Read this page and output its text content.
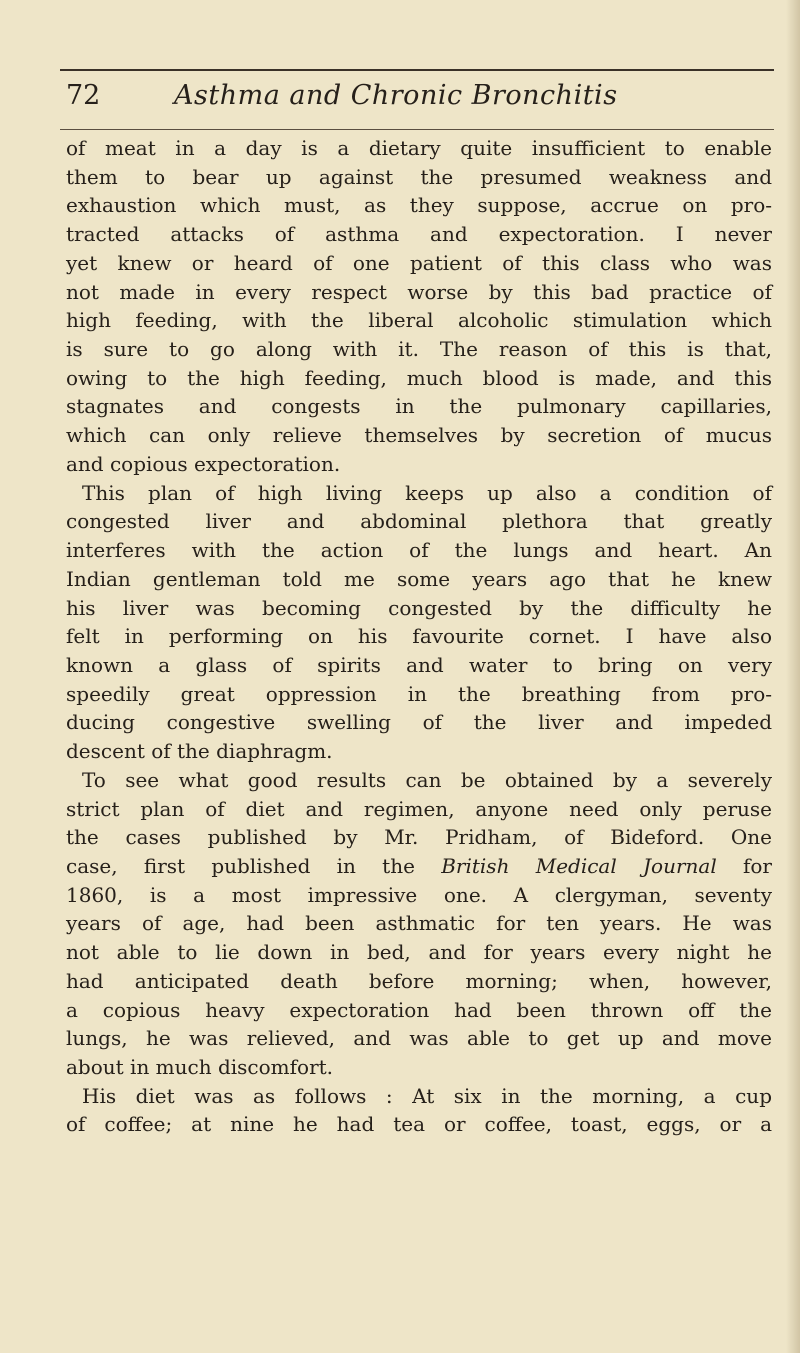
72	Asthma and Chronic Bronchitis
of meat in a day is a dietary quite insufficient to enable
them to bear up against the presumed weakness and
exhaustion which must, as they suppose, accrue on pro-
tracted attacks of asthma and expectoration. I never
yet knew or heard of one patient of this class who was
not made in every respect worse by this bad practice of
high feeding, with the liberal alcoholic stimulation which
is sure to go along with it. The reason of this is that,
owing to the high feeding, much blood is made, and this
stagnates and congests in the pulmonary capillaries,
which can only relieve themselves by secretion of mucus
and copious expectoration.
This plan of high living keeps up also a condition of
congested liver and abdominal plethora that greatly
interferes with the action of the lungs and heart. An
Indian gentleman told me some years ago that he knew
his liver was becoming congested by the difficulty he
felt in performing on his favourite cornet. I have also
known a glass of spirits and water to bring on very
speedily great oppression in the breathing from pro-
ducing congestive swelling of the liver and impeded
descent of the diaphragm.
To see what good results can be obtained by a severely
strict plan of diet and regimen, anyone need only peruse
the cases published by Mr. Pridham, of Bideford. One
case, first published in the British Medical Journal for
1860, is a most impressive one. A clergyman, seventy
years of age, had been asthmatic for ten years. He was
not able to lie down in bed, and for years every night he
had anticipated death before morning; when, however,
a copious heavy expectoration had been thrown off the
lungs, he was relieved, and was able to get up and move
about in much discomfort.
His diet was as follows : At six in the morning, a cup
of coffee; at nine he had tea or coffee, toast, eggs, or a
